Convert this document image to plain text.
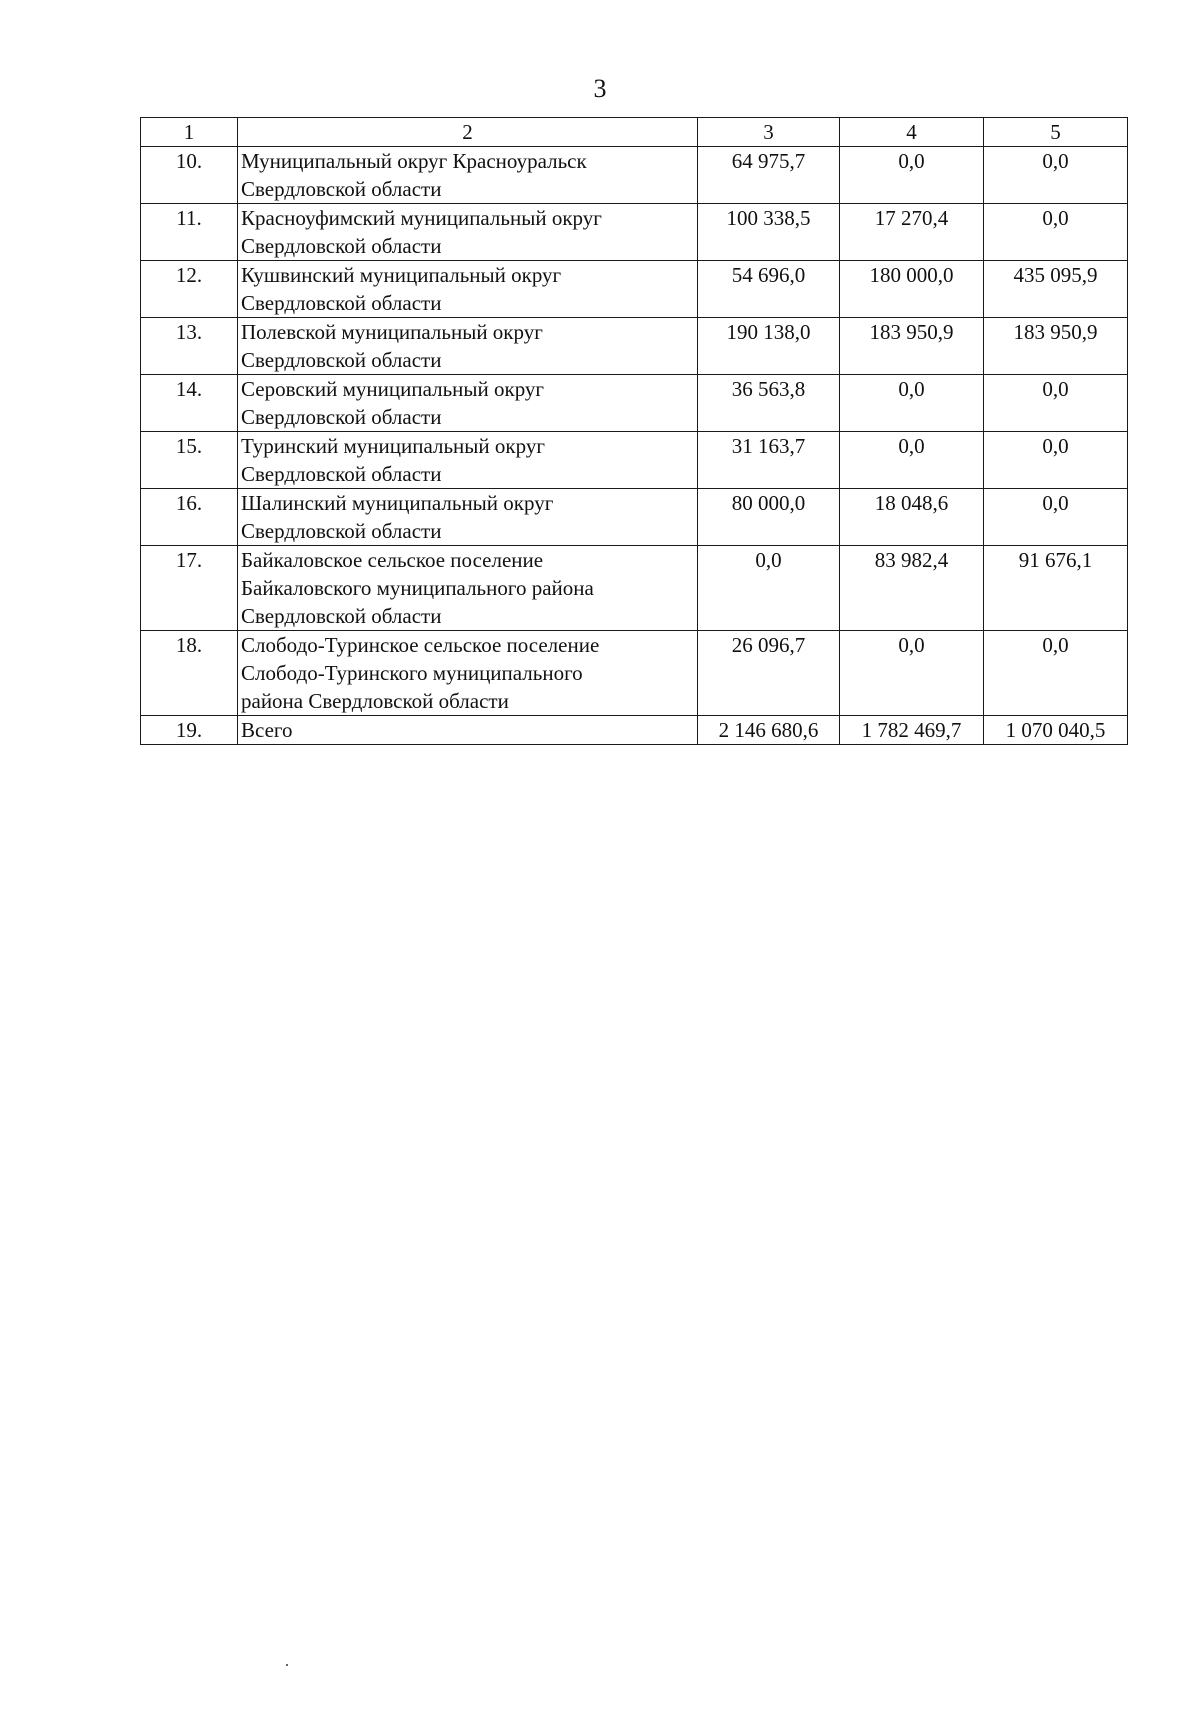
3
1	2	3	4	5
10.	Муниципальный округ Красноуральск
Свердловской области	64 975,7	0,0	0,0
11.	Красноуфимский муниципальный округ
Свердловской области	100 338,5	17 270,4	0,0
12.	Кушвинский муниципальный округ
Свердловской области	54 696,0	180 000,0	435 095,9
13.	Полевской муниципальный округ
Свердловской области	190 138,0	183 950,9	183 950,9
14.	Серовский муниципальный округ
Свердловской области	36 563,8	0,0	0,0
15.	Туринский муниципальный округ
Свердловской области	31 163,7	0,0	0,0
16.	Шалинский муниципальный округ
Свердловской области	80 000,0	18 048,6	0,0
17.	Байкаловское сельское поселение
Байкаловского муниципального района
Свердловской области	0,0	83 982,4	91 676,1
18.	Слободо-Туринское сельское поселение
Слободо-Туринского муниципального
района Свердловской области	26 096,7	0,0	0,0
19.	Всего	2 146 680,6	1 782 469,7	1 070 040,5
